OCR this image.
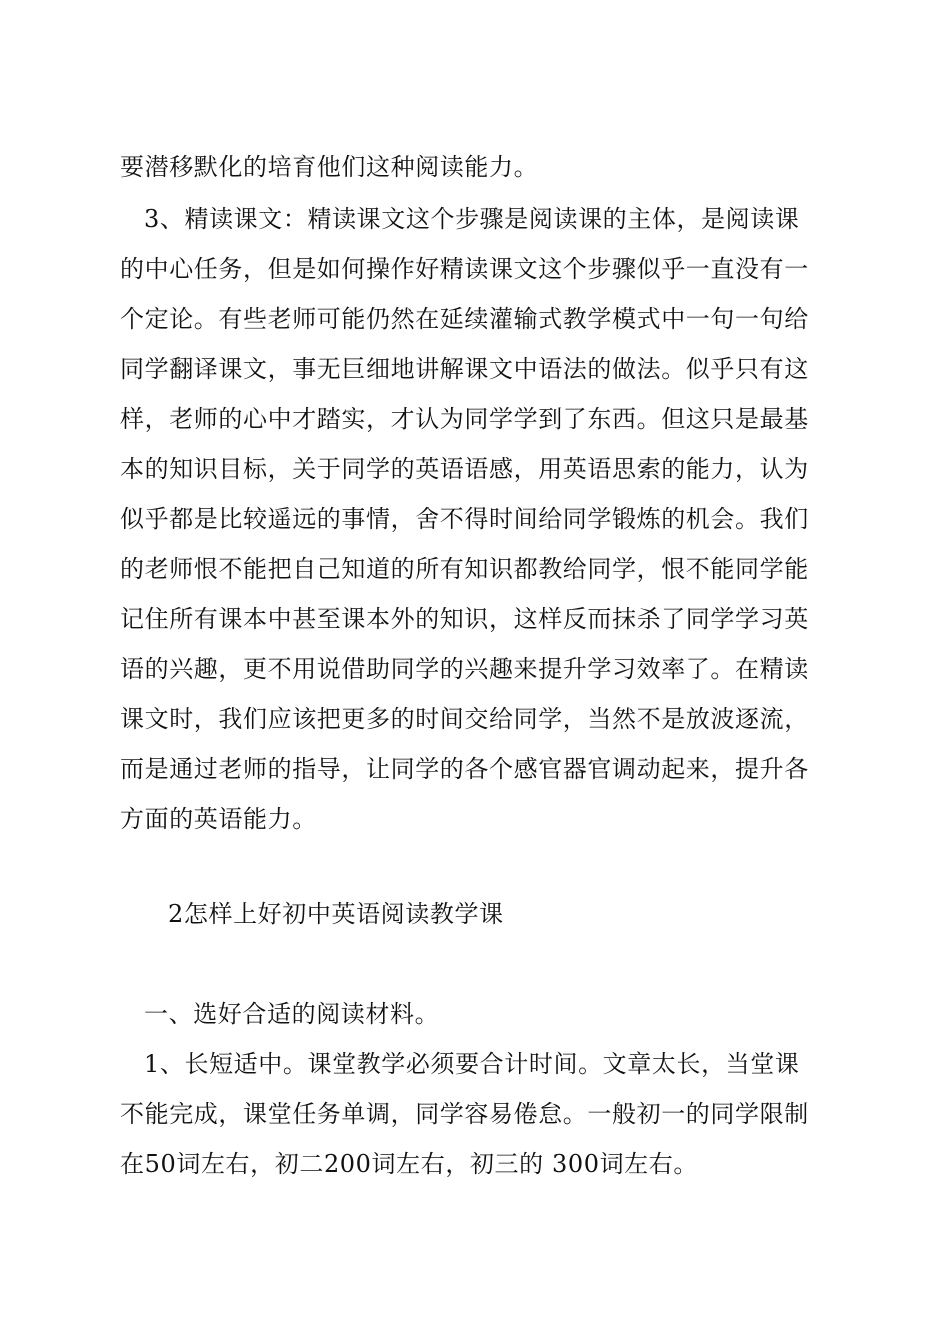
要潜移默化的培育他们这种阅读能力。
3、精读课文：精读课文这个步骤是阅读课的主体，是阅读课
的中心任务，但是如何操作好精读课文这个步骤似乎一直没有一
个定论。有些老师可能仍然在延续灌输式教学模式中一句一句给
同学翻译课文，事无巨细地讲解课文中语法的做法。似乎只有这
样，老师的心中才踏实，才认为同学学到了东西。但这只是最基
本的知识目标，关于同学的英语语感，用英语思索的能力，认为
似乎都是比较遥远的事情，舍不得时间给同学锻炼的机会。我们
的老师恨不能把自己知道的所有知识都教给同学，恨不能同学能
记住所有课本中甚至课本外的知识，这样反而抹杀了同学学习英
语的兴趣，更不用说借助同学的兴趣来提升学习效率了。在精读
课文时，我们应该把更多的时间交给同学，当然不是放波逐流，
而是通过老师的指导，让同学的各个感官器官调动起来，提升各
方面的英语能力。
2怎样上好初中英语阅读教学课
一、选好合适的阅读材料。
1、长短适中。课堂教学必须要合计时间。文章太长，当堂课
不能完成，课堂任务单调，同学容易倦怠。一般初一的同学限制
在50词左右，初二200词左右，初三的 300词左右。
